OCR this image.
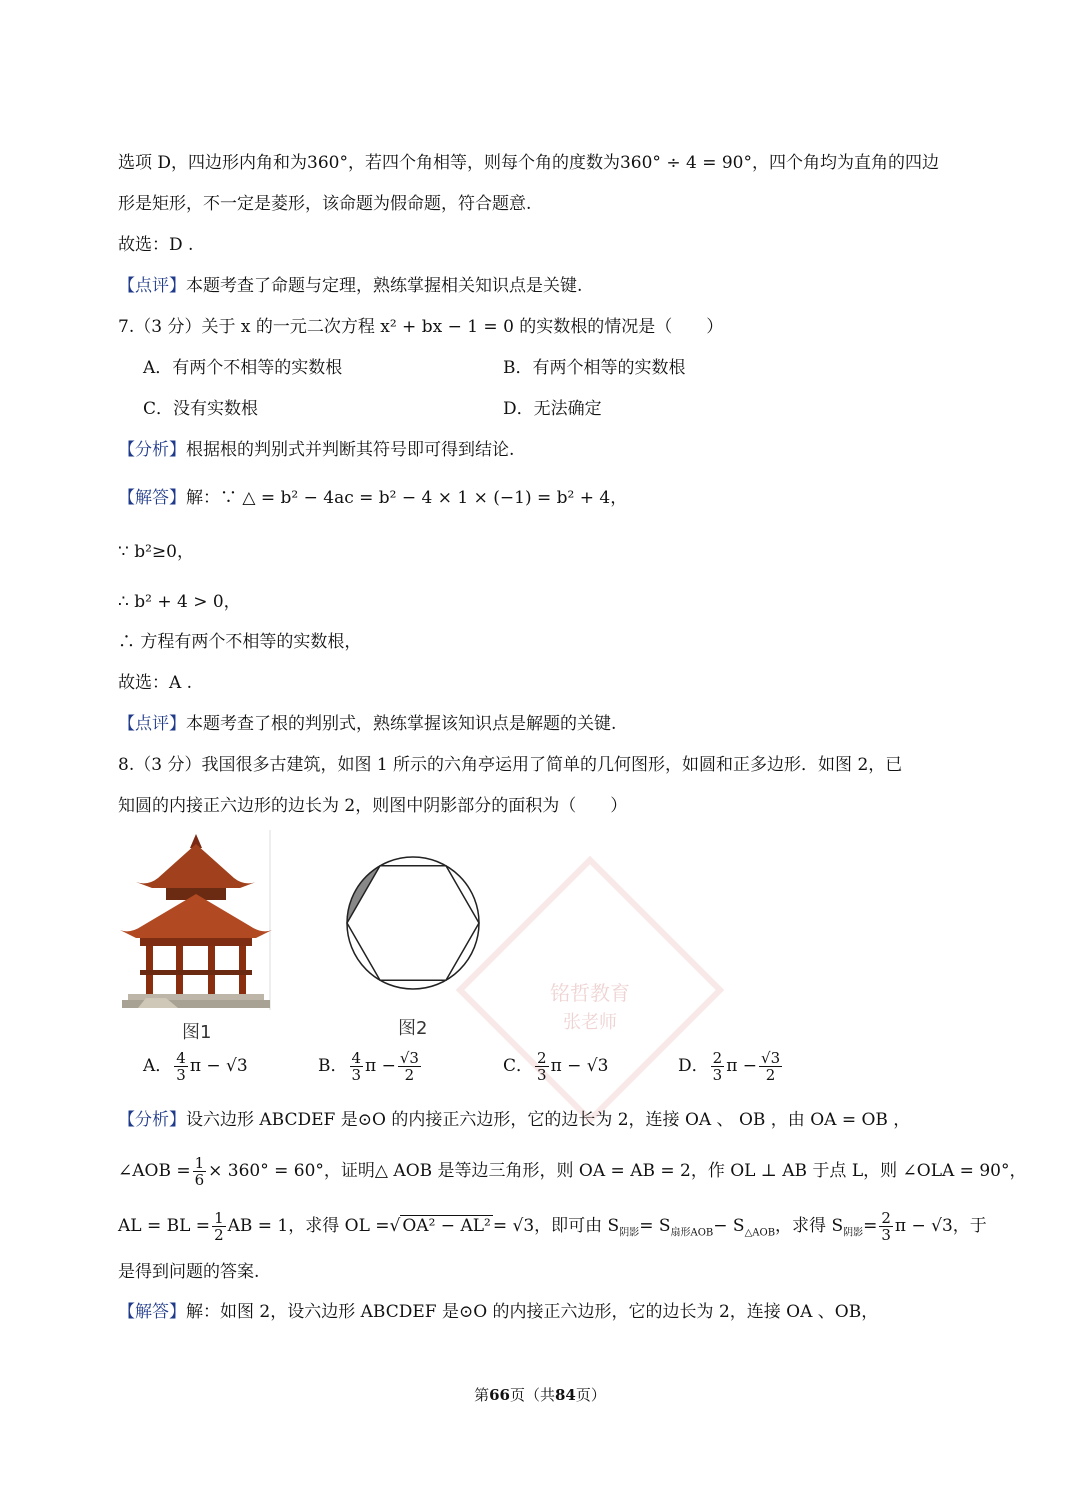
铭哲教育
张老师
选项 D，四边形内角和为360°，若四个角相等，则每个角的度数为360° ÷ 4 = 90°，四个角均为直角的四边
形是矩形，不一定是菱形，该命题为假命题，符合题意.
故选：D .
【点评】本题考查了命题与定理，熟练掌握相关知识点是关键.
7.（3 分）关于 x 的一元二次方程 x² + bx − 1 = 0 的实数根的情况是（　　）
A．有两个不相等的实数根	B．有两个相等的实数根
C．没有实数根	D．无法确定
【分析】根据根的判别式并判断其符号即可得到结论.
【解答】解：∵ △ = b² − 4ac = b² − 4 × 1 × (−1) = b² + 4，
∵ b²≥0，
∴ b² + 4 > 0，
∴ 方程有两个不相等的实数根，
故选：A .
【点评】本题考查了根的判别式，熟练掌握该知识点是解题的关键.
8.（3 分）我国很多古建筑，如图 1 所示的六角亭运用了简单的几何图形，如圆和正多边形．如图 2，已
知圆的内接正六边形的边长为 2，则图中阴影部分的面积为（　　）
图1	图2
A． $\frac{4}{3}$ π − √3	B． $\frac{4}{3}$ $\pi - \frac{√3}{2}$	C． $\frac{2}{3}$ π − √3	D． $\frac{2}{3}$ $\pi - \frac{√3}{2}$
【分析】设六边形 ABCDEF 是⊙O 的内接正六边形，它的边长为 2，连接 OA 、 OB ，由 OA = OB ，
∠AOB = $\frac{1}{6} \times 360^\circ = 60^\circ$，证明△ AOB 是等边三角形，则 OA = AB = 2，作 OL ⊥ AB 于点 L，则 ∠OLA = 90°，
AL = BL = $\frac{1}{2}$ AB = 1，求得 OL =√ OA² − AL² = √3，即可由 $S_{阴影}= S_{扇形AOB}- S_{\triangle AOB}$，求得 $S_{阴影}= \frac{2}{3}$ π − √3，于
是得到问题的答案.
【解答】解：如图 2，设六边形 ABCDEF 是⊙O 的内接正六边形，它的边长为 2，连接 OA 、OB，
第66页（共84页）
